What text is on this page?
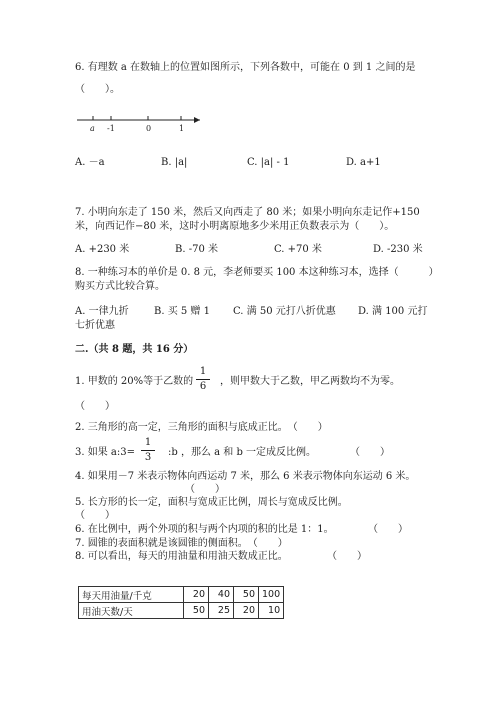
6. 有理数 a 在数轴上的位置如图所示，下列各数中，可能在 0 到 1 之间的是
（　　）。
a -1	0	1
A. －a	B. |a|	C. |a| - 1	D. a+1
7. 小明向东走了 150 米，然后又向西走了 80 米；如果小明向东走记作+150
米，向西记作−80 米，这时小明离原地多少米用正负数表示为（　　）。
A. +230 米	B. -70 米	C. +70 米	D. -230 米
8. 一种练习本的单价是 0. 8 元，李老师要买 100 本这种练习本，选择（　　　）
购买方式比较合算。
A. 一律九折	B. 买 5 赠 1 C. 满 50 元打八折优惠 D. 满 100 元打
七折优惠
二.（共 8 题，共 16 分）
1. 甲数的 20%等于乙数的
1
6	，则甲数大于乙数，甲乙两数均不为零。
（　　）
2. 三角形的高一定，三角形的面积与底成正比。　（　　）
3. 如果 a:3=
1
3	:b ，那么 a 和 b 一定成反比例。	（　　）
4. 如果用－7 米表示物体向西运动 7 米，那么 6 米表示物体向东运动 6 米。
（　　）
5. 长方形的长一定，面积与宽成正比例，周长与宽成反比例。
（　　）
6. 在比例中，两个外项的积与两个内项的积的比是 1：1。	（　　）
7. 圆锥的表面积就是该圆锥的侧面积。　（　　）
8. 可以看出，每天的用油量和用油天数成正比。	（　　）
每天用油量/千克	20	40	50	100
用油天数/天	50	25	20	10
